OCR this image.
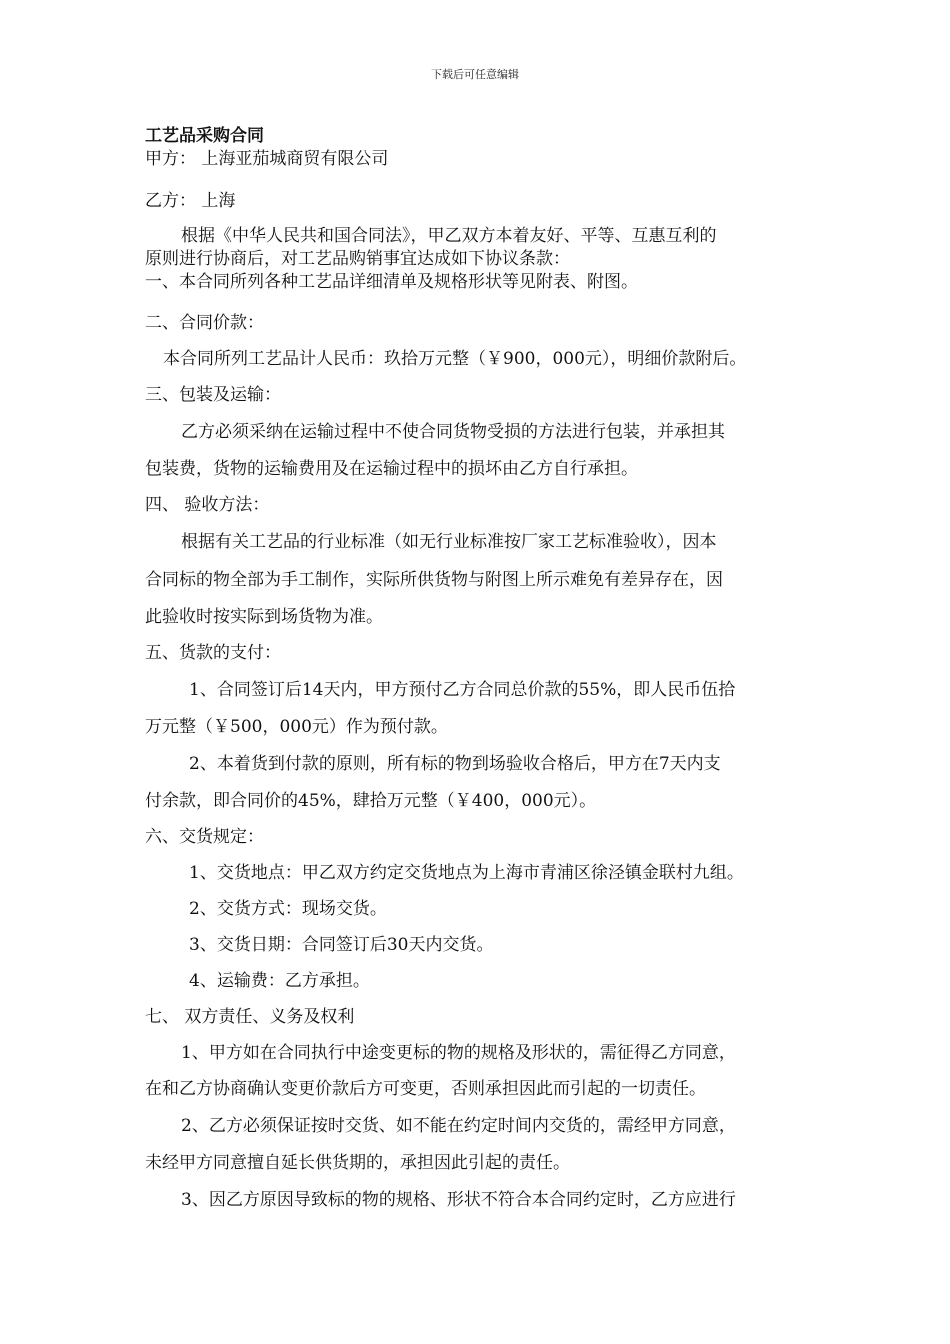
下载后可任意编辑
工艺品采购合同
甲方： 上海亚茄城商贸有限公司
乙方： 上海
根据《中华人民共和国合同法》，甲乙双方本着友好、平等、互惠互利的
原则进行协商后，对工艺品购销事宜达成如下协议条款：
一、本合同所列各种工艺品详细清单及规格形状等见附表、附图。
二、合同价款：
本合同所列工艺品计人民币：玖拾万元整（￥900，000元），明细价款附后。
三、包装及运输：
乙方必须采纳在运输过程中不使合同货物受损的方法进行包装，并承担其
包装费，货物的运输费用及在运输过程中的损坏由乙方自行承担。
四、 验收方法：
根据有关工艺品的行业标准（如无行业标准按厂家工艺标准验收），因本
合同标的物全部为手工制作，实际所供货物与附图上所示难免有差异存在，因
此验收时按实际到场货物为准。
五、货款的支付：
1、合同签订后14天内，甲方预付乙方合同总价款的55%，即人民币伍拾
万元整（￥500，000元）作为预付款。
2、本着货到付款的原则，所有标的物到场验收合格后，甲方在7天内支
付余款，即合同价的45%，肆拾万元整（￥400，000元）。
六、交货规定：
1、交货地点：甲乙双方约定交货地点为上海市青浦区徐泾镇金联村九组。
2、交货方式：现场交货。
3、交货日期：合同签订后30天内交货。
4、运输费：乙方承担。
七、 双方责任、义务及权利
1、甲方如在合同执行中途变更标的物的规格及形状的，需征得乙方同意，
在和乙方协商确认变更价款后方可变更，否则承担因此而引起的一切责任。
2、乙方必须保证按时交货、如不能在约定时间内交货的，需经甲方同意，
未经甲方同意擅自延长供货期的，承担因此引起的责任。
3、因乙方原因导致标的物的规格、形状不符合本合同约定时，乙方应进行
